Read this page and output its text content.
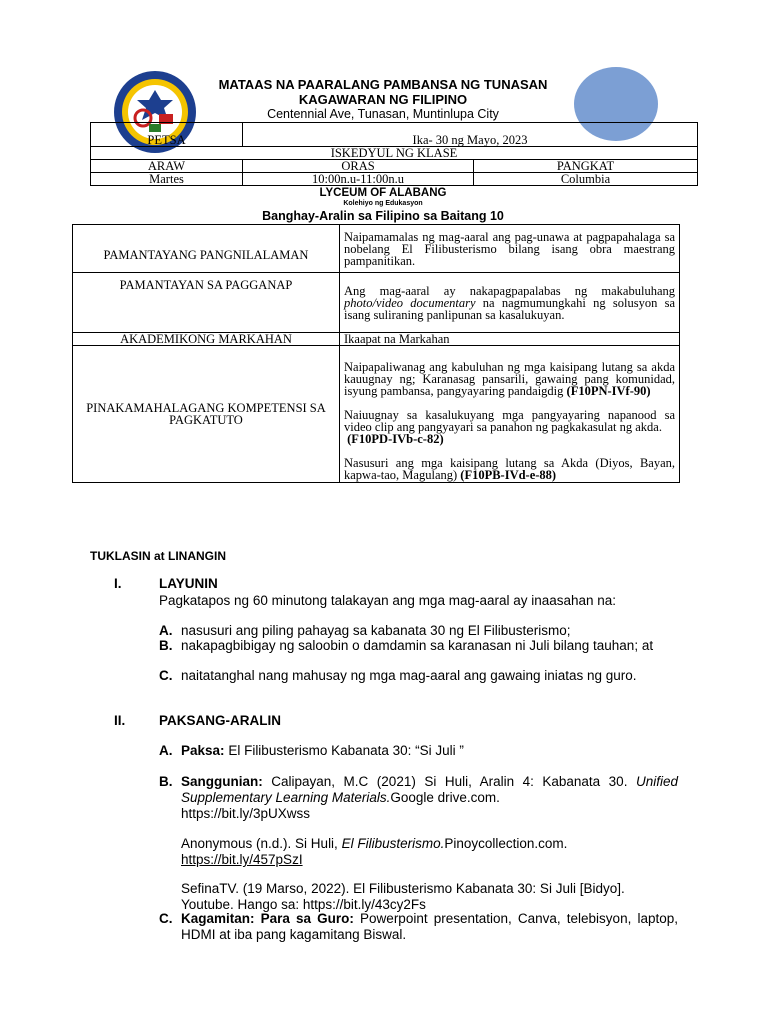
MATAAS NA PAARALANG PAMBANSA NG TUNASAN
KAGAWARAN NG FILIPINO
Centennial Ave, Tunasan, Muntinlupa City
PETSA	Ika- 30 ng Mayo, 2023	
ISKEDYUL NG KLASE		
ARAW	ORAS	PANGKAT
Martes	10:00n.u-11:00n.u	Columbia
LYCEUM OF ALABANG
Kolehiyo ng Edukasyon
Banghay-Aralin sa Filipino sa Baitang 10
PAMANTAYANG PANGNILALAMAN	Naipamamalas ng mag-aaral ang pag-unawa at pagpapahalaga sa nobelang El Filibusterismo bilang isang obra maestrang pampanitikan.
PAMANTAYAN SA PAGGANAP	Ang mag-aaral ay nakapagpapalabas ng makabuluhang photo/video documentary na nagmumungkahi ng solusyon sa isang suliraning panlipunan sa kasalukuyan.
AKADEMIKONG MARKAHAN	Ikaapat na Markahan
PINAKAMAHALAGANG KOMPETENSI SA PAGKATUTO	Naipapaliwanag ang kabuluhan ng mga kaisipang lutang sa akda kauugnay ng; Karanasag pansarili, gawaing pang komunidad, isyung pambansa, pangyayaring pandaigdig (F10PN-IVf-90)
Naiuugnay sa kasalukuyang mga pangyayaring napanood sa video clip ang pangyayari sa panahon ng pagkakasulat ng akda.
(F10PD-IVb-c-82)
Nasusuri ang mga kaisipang lutang sa Akda (Diyos, Bayan, kapwa-tao, Magulang) (F10PB-IVd-e-88)
TUKLASIN at LINANGIN
I.	LAYUNIN
Pagkatapos ng 60 minutong talakayan ang mga mag-aaral ay inaasahan na:
A. nasusuri ang piling pahayag sa kabanata 30 ng El Filibusterismo;
B. nakapagbibigay ng saloobin o damdamin sa karanasan ni Juli bilang tauhan; at
C. naitatanghal nang mahusay ng mga mag-aaral ang gawaing iniatas ng guro.
II. PAKSANG-ARALIN
A. Paksa: El Filibusterismo Kabanata 30: “Si Juli ”
B. Sanggunian: Calipayan, M.C (2021) Si Huli, Aralin 4: Kabanata 30. Unified Supplementary Learning Materials.Google drive.com.
https://bit.ly/3pUXwss
Anonymous (n.d.). Si Huli, El Filibusterismo.Pinoycollection.com.
https://bit.ly/457pSzI
SefinaTV. (19 Marso, 2022). El Filibusterismo Kabanata 30: Si Juli [Bidyo].
Youtube. Hango sa: https://bit.ly/43cy2Fs
C. Kagamitan: Para sa Guro: Powerpoint presentation, Canva, telebisyon, laptop, HDMI at iba pang kagamitang Biswal.
